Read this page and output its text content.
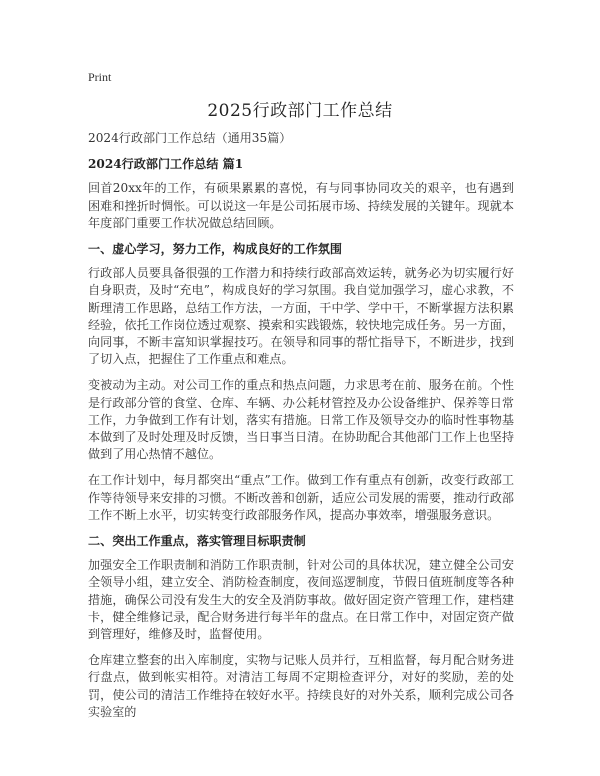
Print
2025行政部门工作总结
2024行政部门工作总结（通用35篇）
2024行政部门工作总结 篇1

回首20xx年的工作，有硕果累累的喜悦，有与同事协同攻关的艰辛，也有遇到困难和挫折时惆怅。可以说这一年是公司拓展市场、持续发展的关键年。现就本年度部门重要工作状况做总结回顾。

一、虚心学习，努力工作，构成良好的工作氛围

行政部人员要具备很强的工作潜力和持续行政部高效运转，就务必为切实履行好自身职责，及时“充电”，构成良好的学习氛围。我自觉加强学习，虚心求教，不断理清工作思路，总结工作方法，一方面，干中学、学中干，不断掌握方法积累经验，依托工作岗位透过观察、摸索和实践锻炼，较快地完成任务。另一方面，向同事，不断丰富知识掌握技巧。在领导和同事的帮忙指导下，不断进步，找到了切入点，把握住了工作重点和难点。

变被动为主动。对公司工作的重点和热点问题，力求思考在前、服务在前。个性是行政部分管的食堂、仓库、车辆、办公耗材管控及办公设备维护、保养等日常工作，力争做到工作有计划，落实有措施。日常工作及领导交办的临时性事物基本做到了及时处理及时反馈，当日事当日清。在协助配合其他部门工作上也坚持做到了用心热情不越位。

在工作计划中，每月都突出“重点”工作。做到工作有重点有创新，改变行政部工作等待领导来安排的习惯。不断改善和创新，适应公司发展的需要，推动行政部工作不断上水平，切实转变行政部服务作风，提高办事效率，增强服务意识。

二、突出工作重点，落实管理目标职责制

加强安全工作职责制和消防工作职责制，针对公司的具体状况，建立健全公司安全领导小组，建立安全、消防检查制度，夜间巡逻制度，节假日值班制度等各种措施，确保公司没有发生大的安全及消防事故。做好固定资产管理工作，建档建卡，健全维修记录，配合财务进行每半年的盘点。在日常工作中，对固定资产做到管理好，维修及时，监督使用。

仓库建立整套的出入库制度，实物与记账人员并行，互相监督，每月配合财务进行盘点，做到帐实相符。对清洁工每周不定期检查评分，对好的奖励，差的处罚，使公司的清洁工作维持在较好水平。持续良好的对外关系，顺利完成公司各实验室的
